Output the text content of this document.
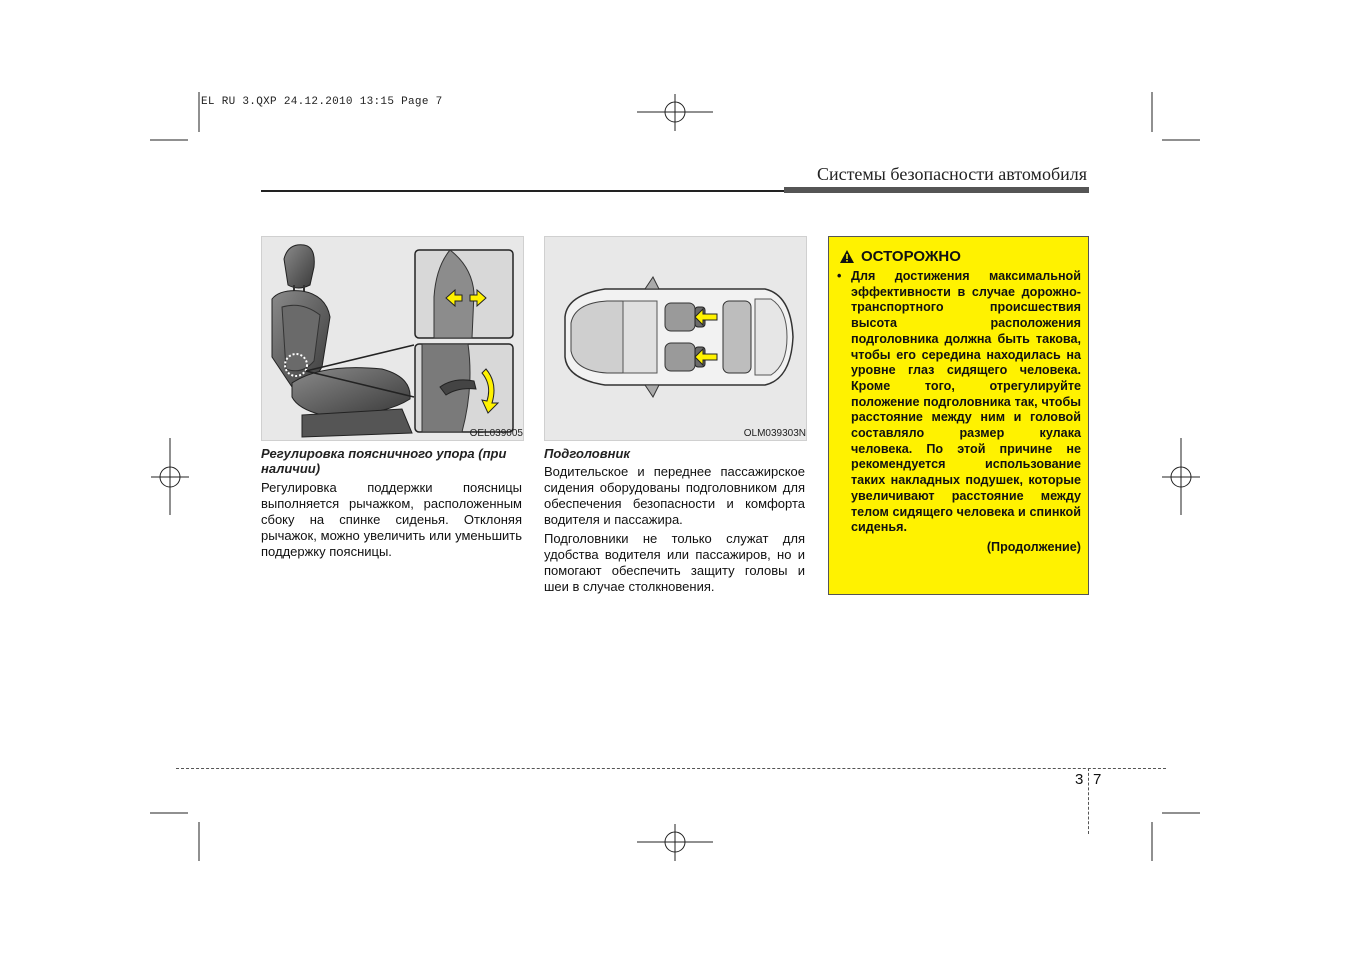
EL RU 3.QXP 24.12.2010 13:15 Page 7
Системы безопасности автомобиля
OEL039005
Регулировка поясничного упора (при наличии)

Регулировка поддержки поясницы выполняется рычажком, расположенным сбоку на спинке сиденья. Отклоняя рычажок, можно увеличить или уменьшить поддержку поясницы.

OLM039303N
Подголовник

Водительское и переднее пассажирское сидения оборудованы подголовником для обеспечения безопасности и комфорта водителя и пассажира.

Подголовники не только служат для удобства водителя или пассажиров, но и помогают обеспечить защиту головы и шеи в случае столкновения.

ОСТОРОЖНО
• Для достижения максимальной эффективности в случае дорожно-транспортного происшествия высота расположения подголовника должна быть такова, чтобы его середина находилась на уровне глаз сидящего человека. Кроме того, отрегулируйте положение подголовника так, чтобы расстояние между ним и головой составляло размер кулака человека. По этой причине не рекомендуется использование таких накладных подушек, которые увеличивают расстояние между телом сидящего человека и спинкой сиденья.
(Продолжение)
3 7
